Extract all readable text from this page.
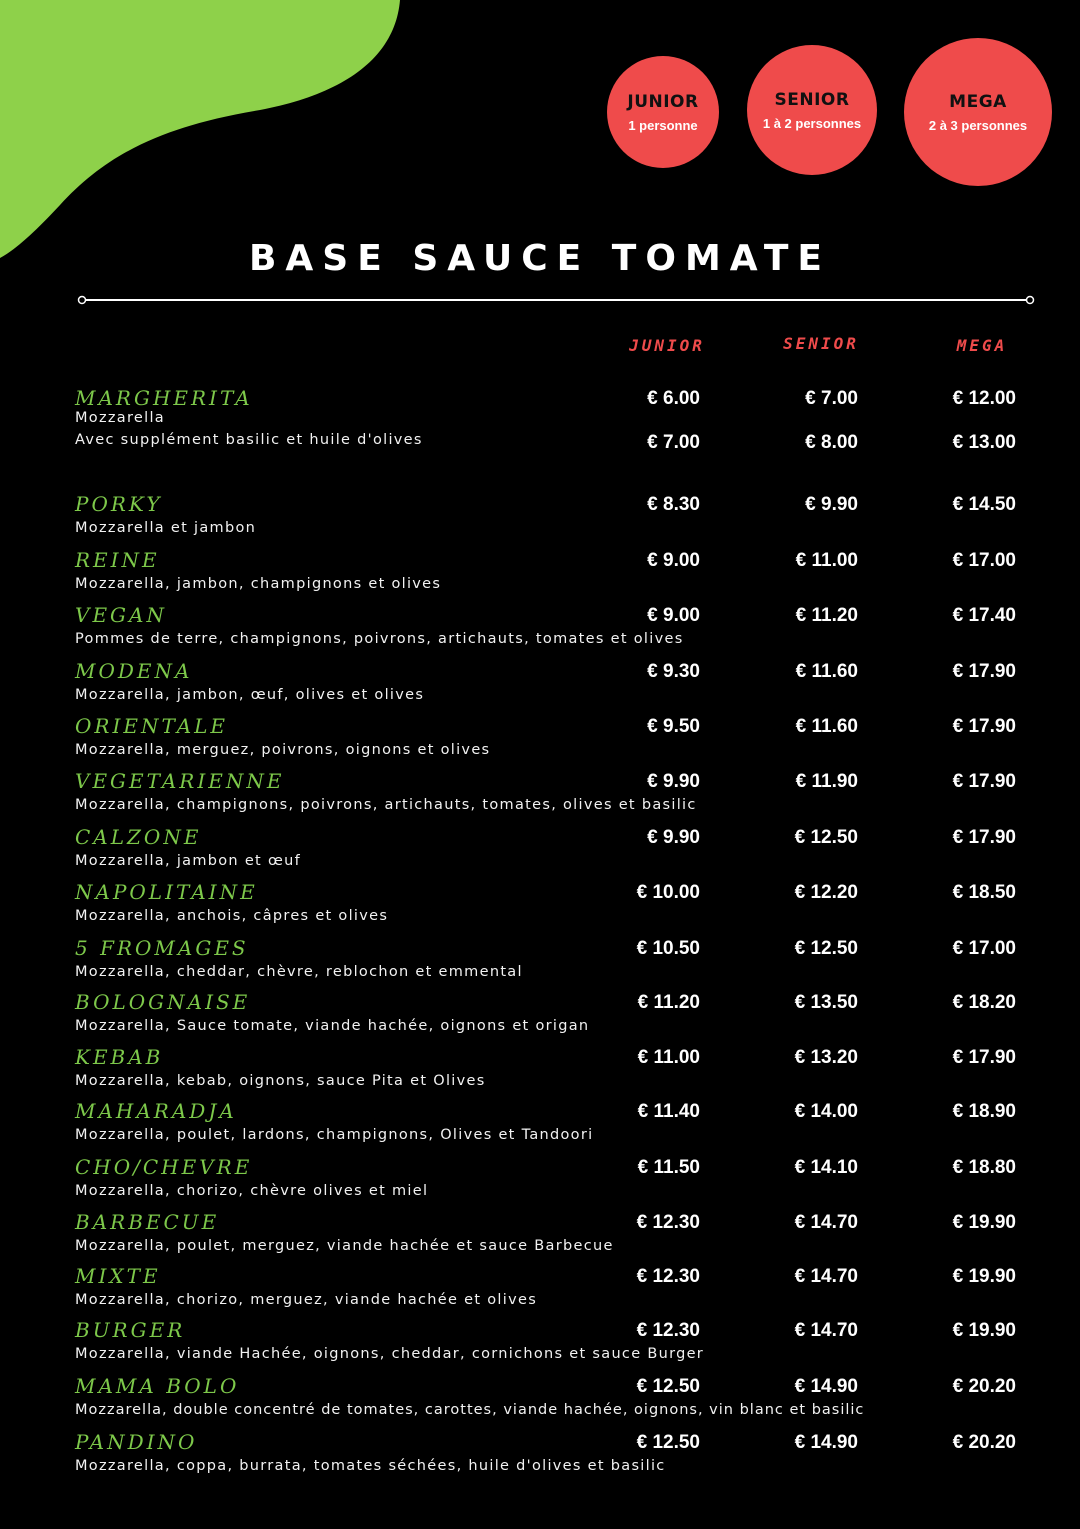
JUNIOR
1 personne
SENIOR
1 à 2 personnes
MEGA
2 à 3 personnes
BASE SAUCE TOMATE
JUNIOR	SENIOR	MEGA
MARGHERITA
Mozzarella
€ 6.00	€ 7.00	€ 12.00
Avec supplément basilic et huile d'olives	€ 7.00	€ 8.00	€ 13.00
PORKY
Mozzarella et jambon
€ 8.30	€ 9.90	€ 14.50
REINE
Mozzarella, jambon, champignons et olives
€ 9.00	€ 11.00	€ 17.00
VEGAN
Pommes de terre, champignons, poivrons, artichauts, tomates et olives
€ 9.00	€ 11.20	€ 17.40
MODENA
Mozzarella, jambon, œuf, olives et olives
€ 9.30	€ 11.60	€ 17.90
ORIENTALE
Mozzarella, merguez, poivrons, oignons et olives
€ 9.50	€ 11.60	€ 17.90
VEGETARIENNE
Mozzarella, champignons, poivrons, artichauts, tomates, olives et basilic
€ 9.90	€ 11.90	€ 17.90
CALZONE
Mozzarella, jambon et œuf
€ 9.90	€ 12.50	€ 17.90
NAPOLITAINE
Mozzarella, anchois, câpres et olives
€ 10.00	€ 12.20	€ 18.50
5 FROMAGES
Mozzarella, cheddar, chèvre, reblochon et emmental
€ 10.50	€ 12.50	€ 17.00
BOLOGNAISE
Mozzarella, Sauce tomate, viande hachée, oignons et origan
€ 11.20	€ 13.50	€ 18.20
KEBAB
Mozzarella, kebab, oignons, sauce Pita et Olives
€ 11.00	€ 13.20	€ 17.90
MAHARADJA
Mozzarella, poulet, lardons, champignons, Olives et Tandoori
€ 11.40	€ 14.00	€ 18.90
CHO/CHEVRE
Mozzarella, chorizo, chèvre olives et miel
€ 11.50	€ 14.10	€ 18.80
BARBECUE
Mozzarella, poulet, merguez, viande hachée et sauce Barbecue
€ 12.30	€ 14.70	€ 19.90
MIXTE
Mozzarella, chorizo, merguez, viande hachée et olives
€ 12.30	€ 14.70	€ 19.90
BURGER
Mozzarella, viande Hachée, oignons, cheddar, cornichons et sauce Burger
€ 12.30	€ 14.70	€ 19.90
MAMA BOLO
Mozzarella, double concentré de tomates, carottes, viande hachée, oignons, vin blanc et basilic
€ 12.50	€ 14.90	€ 20.20
PANDINO
Mozzarella, coppa, burrata, tomates séchées, huile d'olives et basilic
€ 12.50	€ 14.90	€ 20.20
